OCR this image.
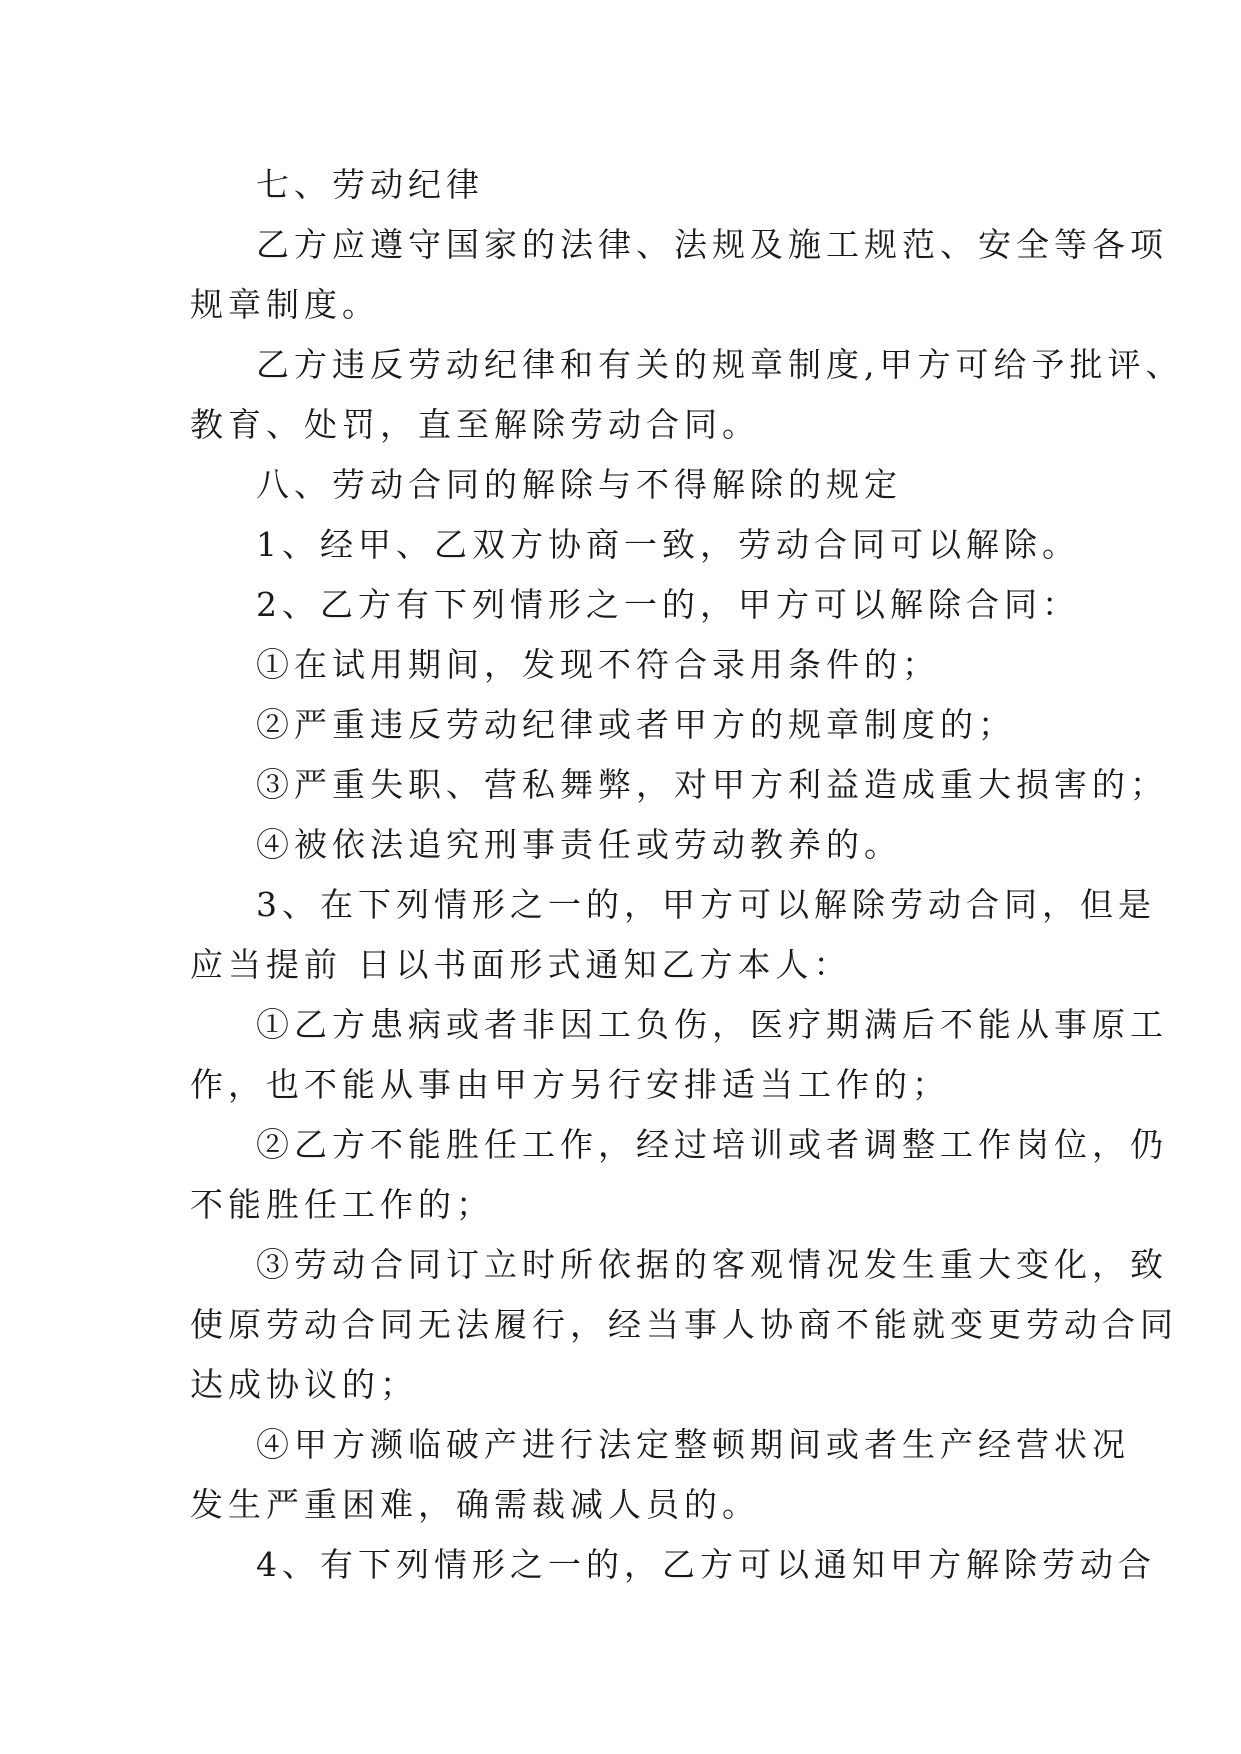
七、劳动纪律
乙方应遵守国家的法律、法规及施工规范、安全等各项
规章制度。
乙方违反劳动纪律和有关的规章制度,甲方可给予批评、
教育、处罚，直至解除劳动合同。
八、劳动合同的解除与不得解除的规定
1、经甲、乙双方协商一致，劳动合同可以解除。
2、乙方有下列情形之一的，甲方可以解除合同：
①在试用期间，发现不符合录用条件的；
②严重违反劳动纪律或者甲方的规章制度的；
③严重失职、营私舞弊，对甲方利益造成重大损害的；
④被依法追究刑事责任或劳动教养的。
3、在下列情形之一的，甲方可以解除劳动合同，但是
应当提前 日以书面形式通知乙方本人：
①乙方患病或者非因工负伤，医疗期满后不能从事原工
作，也不能从事由甲方另行安排适当工作的；
②乙方不能胜任工作，经过培训或者调整工作岗位，仍
不能胜任工作的；
③劳动合同订立时所依据的客观情况发生重大变化，致
使原劳动合同无法履行，经当事人协商不能就变更劳动合同
达成协议的；
④甲方濒临破产进行法定整顿期间或者生产经营状况
发生严重困难，确需裁减人员的。
4、有下列情形之一的，乙方可以通知甲方解除劳动合
